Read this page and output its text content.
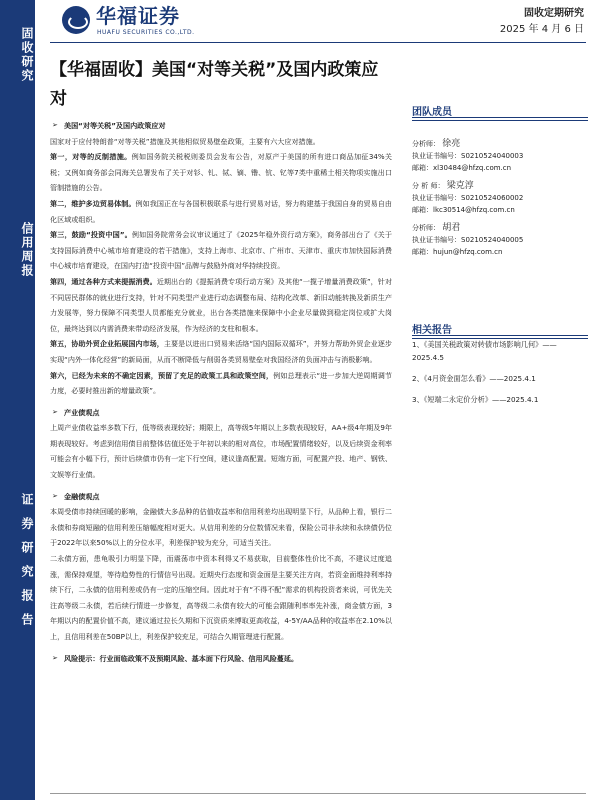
固收研究
信用周报
证券研究报告
华福证券
HUAFU SECURITIES CO.,LTD.
固收定期研究
2025 年 4 月 6 日
【华福固收】美国“对等关税”及国内政策应对
团队成员
分析师： 徐亮
执业证书编号：S0210524040003
邮箱：xl30484@hfzq.com.cn
分 析 师： 梁克淳
执业证书编号：S0210524060002
邮箱：lkc30514@hfzq.com.cn
分析师： 胡君
执业证书编号：S0210524040005
邮箱：hujun@hfzq.com.cn
相关报告
1、《美国关税政策对转债市场影响几何》——2025.4.5
2、《4月资金面怎么看》——2025.4.1
3、《短端二永定价分析》——2025.4.1

➢ 美国“对等关税”及国内政策应对

国家对于应付特朗普“对等关税”措施及其他相似贸易壁垒政策，主要有六大应对措施。

第一，对等的反制措施。例如国务院关税税则委员会发布公告，对原产于美国的所有进口商品加征34%关税；又例如商务部会同海关总署发布了关于对钐、钆、铽、镝、镥、钪、钇等7类中重稀土相关物项实施出口管制措施的公告。

第二，维护多边贸易体制。例如我国正在与各国积极联系与进行贸易对话，努力构建基于我国自身的贸易自由化区域或组织。

第三，鼓励“投资中国”。例如国务院常务会议审议通过了《2025年稳外资行动方案》，商务部出台了《关于支持国际消费中心城市培育建设的若干措施》，支持上海市、北京市、广州市、天津市、重庆市加快国际消费中心城市培育建设，在国内打造“投资中国”品牌与鼓励外商对华持续投资。

第四，通过各种方式来提振消费。近期出台的《提振消费专项行动方案》及其他“一揽子增量消费政策”，针对不同居民群体的就业进行支持，针对不同类型产业进行动态调整布局、结构化改革、新旧动能转换及新质生产力发展等，努力保障不同类型人员都能充分就业，出台各类措施来保障中小企业尽量做到稳定岗位或扩大岗位，最终达到以内需消费来带动经济发展，作为经济的支柱和根本。

第五，协助外贸企业拓展国内市场，主要是以进出口贸易来活络“国内国际双循环”，并努力帮助外贸企业逐步实现“内外一体化经营”的新局面，从而不断降低与削弱各类贸易壁垒对我国经济的负面冲击与消极影响。

第六，已经为未来的不确定因素，预留了充足的政策工具和政策空间，例如总理表示“进一步加大逆周期调节力度，必要时推出新的增量政策”。

➢ 产业债观点

上周产业债收益率多数下行，低等级表现较好；期限上，高等级5年期以上多数表现较好，AA+级4年期及9年期表现较好。考虑到信用债目前整体估值还处于年初以来的相对高位，市场配置情绪较好，以及后续资金利率可能会有小幅下行，预计后续债市仍有一定下行空间，建议逢高配置。短端方面，可配置产投、地产、钢铁、文娱等行业债。

➢ 金融债观点

本周受债市持续回暖的影响，金融债大多品种的估值收益率和信用利差均出现明显下行，从品种上看，银行二永债和券商短融的信用利差压缩幅度相对更大。从信用利差的分位数情况来看，保险公司非永续和永续债仍位于2022年以来50%以上的分位水平，利差保护较为充分，可适当关注。

二永债方面，患龟吸引力明显下降，而震荡市中资本利得又不易获取，目前整体性价比不高，不建议过度追涨，需保持观望，等待趋势性的行情信号出现。近期央行态度和资金面是主要关注方向，若资金面维持利率持续下行，二永债的信用利差或仍有一定的压缩空间。因此对于有“不得不配”需求的机构投资者来说，可优先关注高等级二永债，若后续行情进一步修复，高等级二永债有较大的可能会跟随利率率先补涨，商金债方面，3年期以内的配置价值不高，建议通过拉长久期和下沉资质来博取更高收益，4-5Y/AA品种的收益率在2.10%以上，且信用利差在50BP以上，利差保护较充足，可结合久期管理进行配置。

➢ 风险提示：行业面临政策不及预期风险、基本面下行风险、信用风险蔓延。
